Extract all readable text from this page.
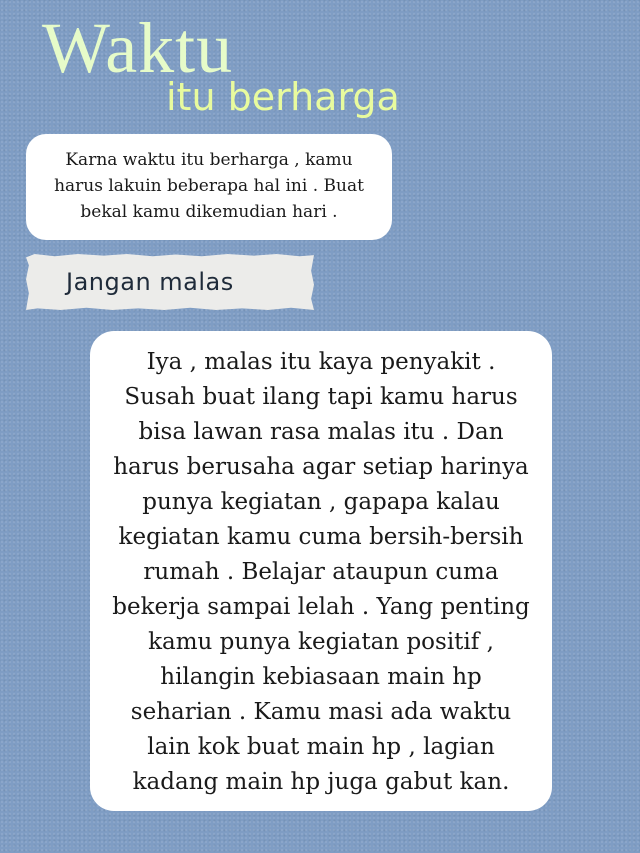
Waktu
itu berharga
Karna waktu itu berharga , kamu
harus lakuin beberapa hal ini . Buat
bekal kamu dikemudian hari .
Jangan malas
Iya , malas itu kaya penyakit .
Susah buat ilang tapi kamu harus
bisa lawan rasa malas itu . Dan
harus berusaha agar setiap harinya
punya kegiatan , gapapa kalau
kegiatan kamu cuma bersih-bersih
rumah . Belajar ataupun cuma
bekerja sampai lelah . Yang penting
kamu punya kegiatan positif ,
hilangin kebiasaan main hp
seharian . Kamu masi ada waktu
lain kok buat main hp , lagian
kadang main hp juga gabut kan.
